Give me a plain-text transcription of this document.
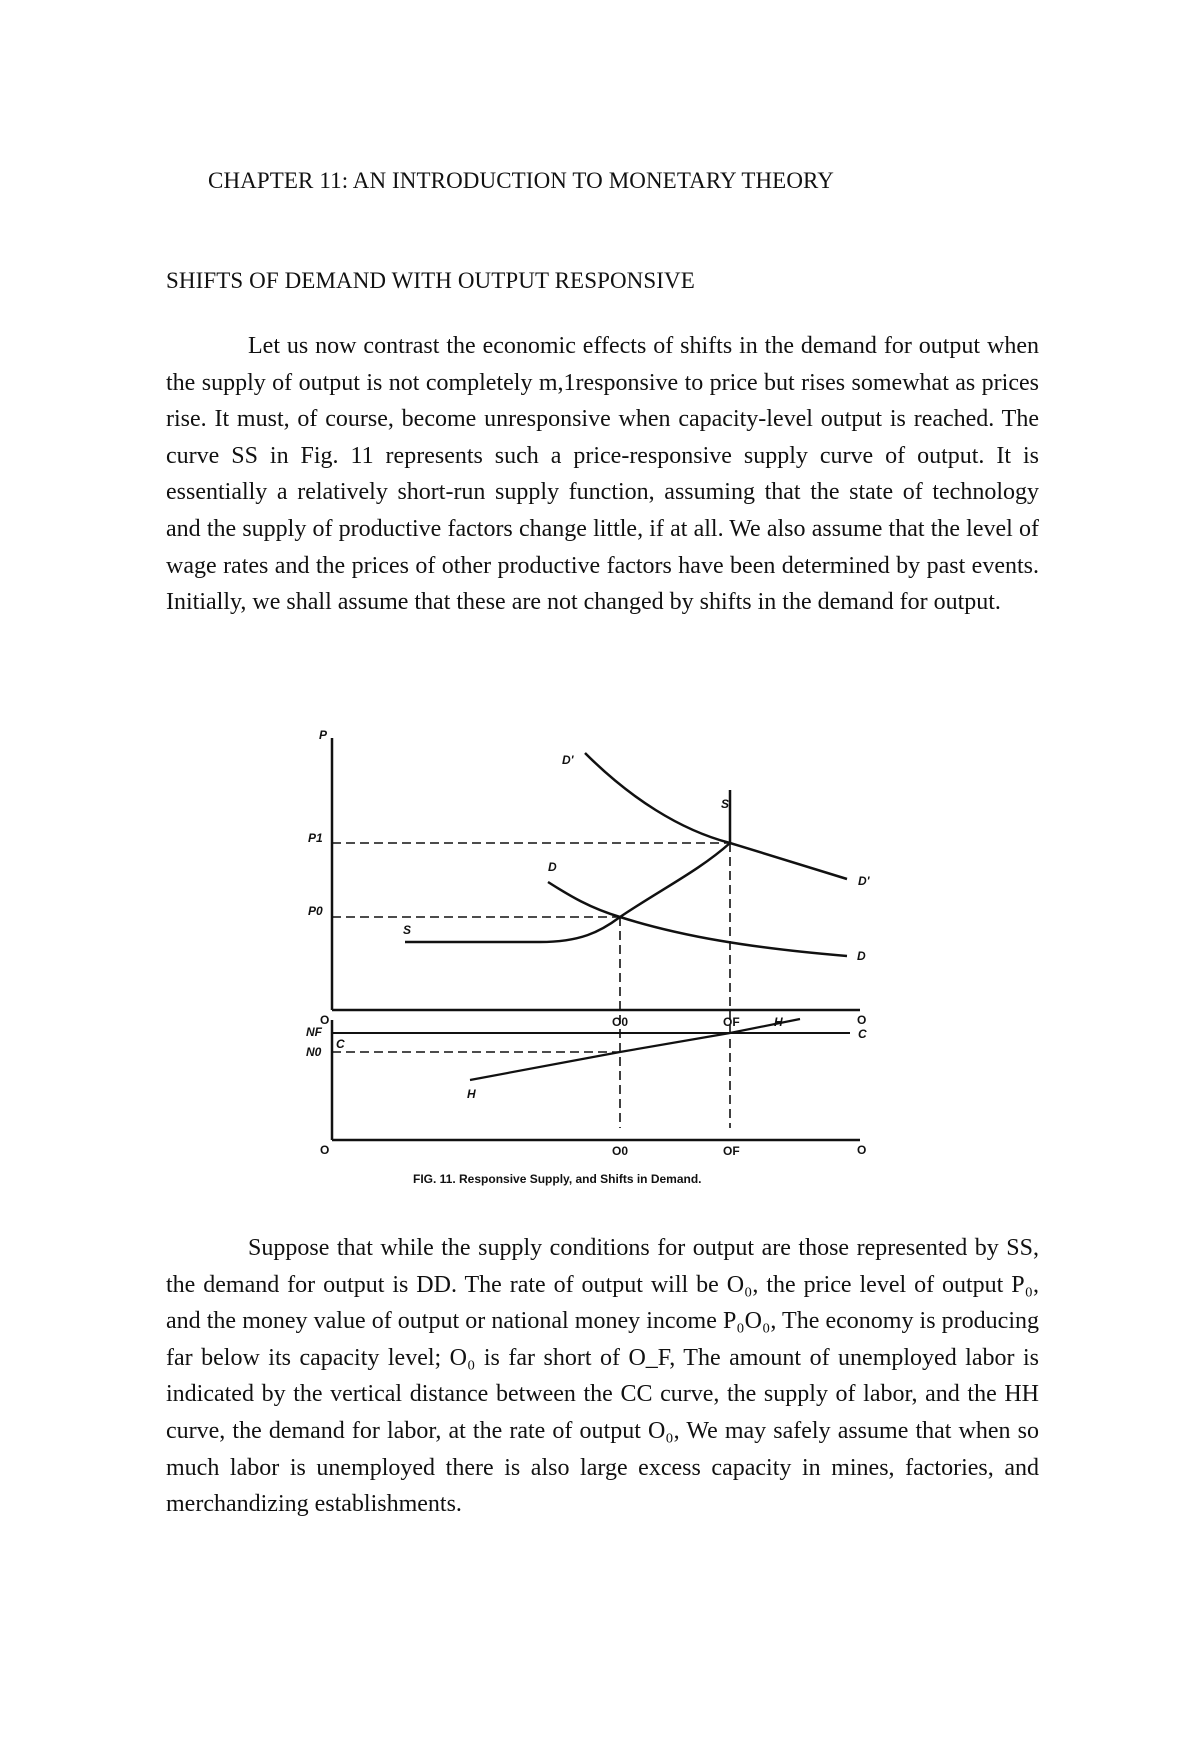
CHAPTER 11: AN INTRODUCTION TO MONETARY THEORY
SHIFTS OF DEMAND WITH OUTPUT RESPONSIVE

Let us now contrast the economic effects of shifts in the demand for output when the supply of output is not completely m,1responsive to price but rises somewhat as prices rise. It must, of course, become unresponsive when capacity-level output is reached. The curve SS in Fig. 11 represents such a price-responsive supply curve of output. It is essentially a relatively short-run supply function, assuming that the state of technology and the supply of productive factors change little, if at all. We also assume that the level of wage rates and the prices of other productive factors have been determined by past events. Initially, we shall assume that these are not changed by shifts in the demand for output.

P
O	O
P1
P0
S
S
D
D
D'
D'
O0	OF
NF
N0
C
C
H
H
O	O
O0	OF
FIG. 11. Responsive Supply, and Shifts in Demand.

Suppose that while the supply conditions for output are those represented by SS, the demand for output is DD. The rate of output will be O₀, the price level of output P₀, and the money value of output or national money income P₀O₀, The economy is producing far below its capacity level; O₀ is far short of O_F, The amount of unemployed labor is indicated by the vertical distance between the CC curve, the supply of labor, and the HH curve, the demand for labor, at the rate of output O₀, We may safely assume that when so much labor is unemployed there is also large excess capacity in mines, factories, and merchandizing establishments.
